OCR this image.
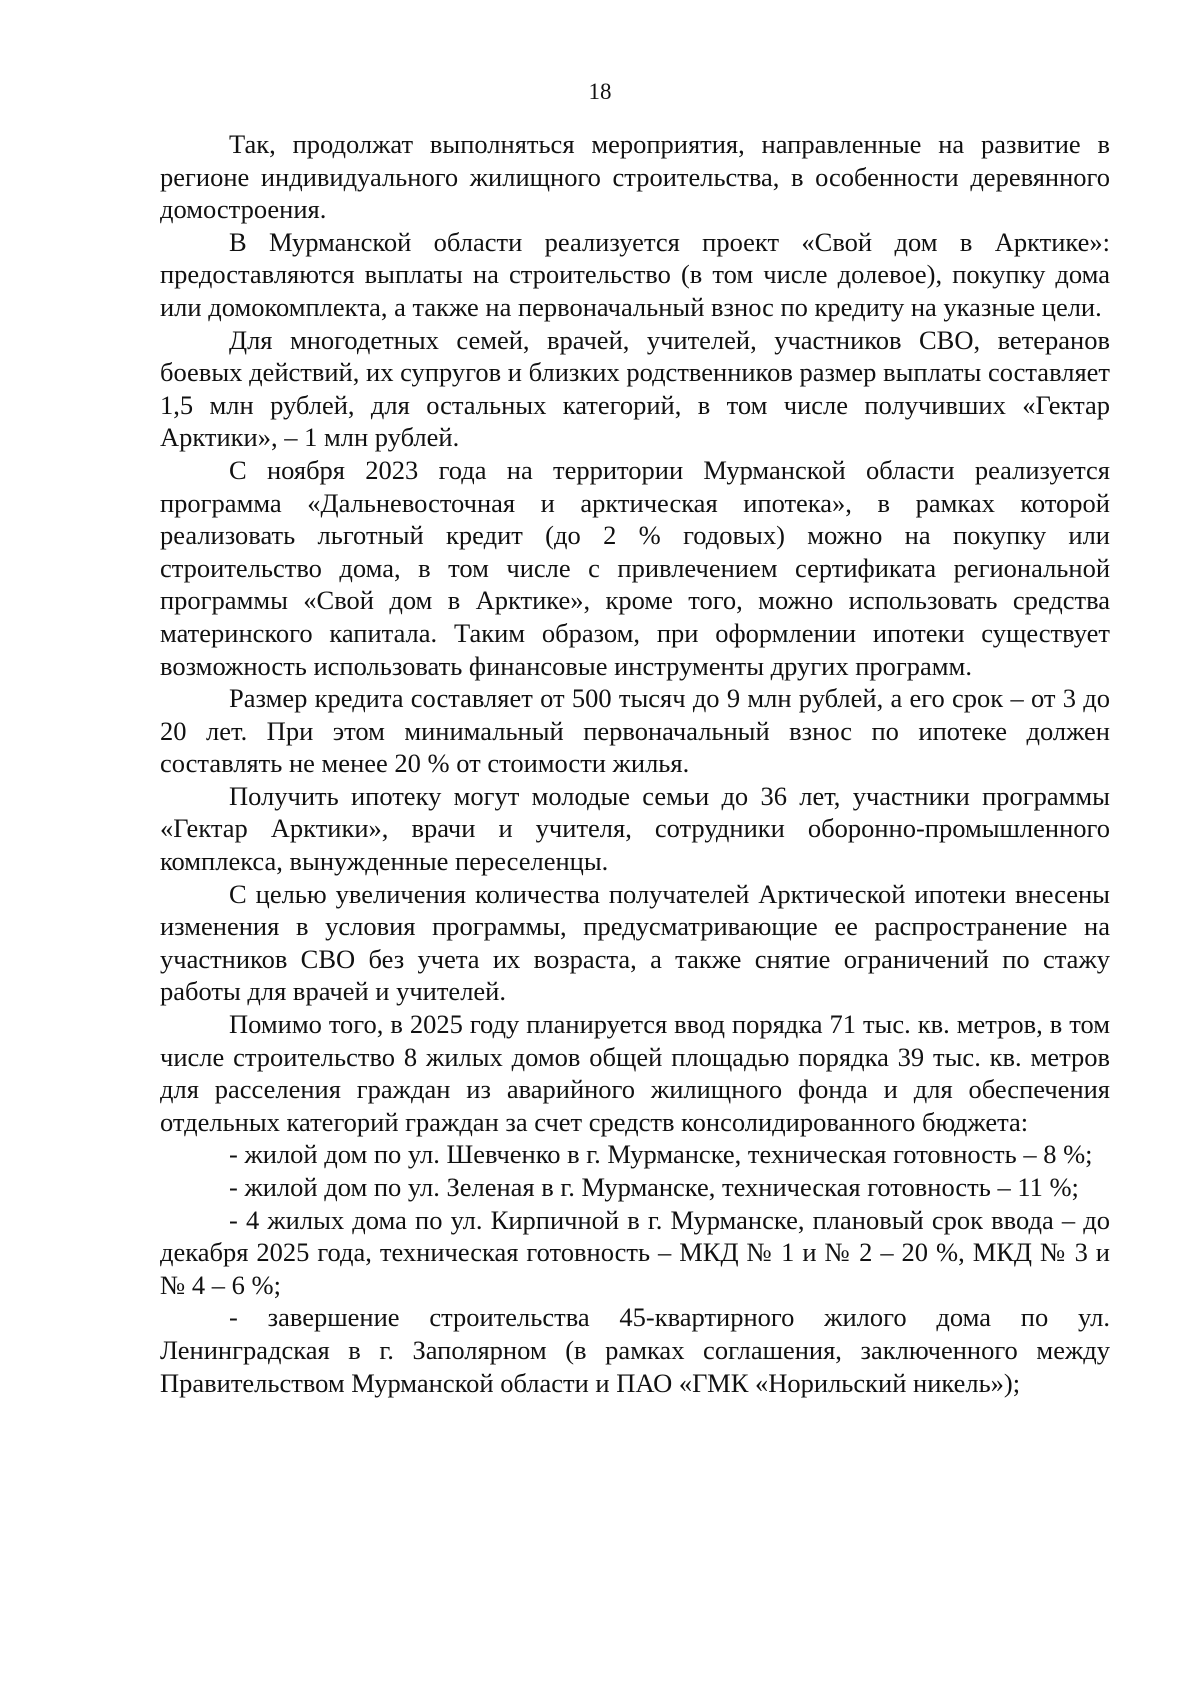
18

Так, продолжат выполняться мероприятия, направленные на развитие в регионе индивидуального жилищного строительства, в особенности деревянного домостроения.

В Мурманской области реализуется проект «Свой дом в Арктике»: предоставляются выплаты на строительство (в том числе долевое), покупку дома или домокомплекта, а также на первоначальный взнос по кредиту на указные цели.

Для многодетных семей, врачей, учителей, участников СВО, ветеранов боевых действий, их супругов и близких родственников размер выплаты составляет 1,5 млн рублей, для остальных категорий, в том числе получивших «Гектар Арктики», – 1 млн рублей.

С ноября 2023 года на территории Мурманской области реализуется программа «Дальневосточная и арктическая ипотека», в рамках которой реализовать льготный кредит (до 2 % годовых) можно на покупку или строительство дома, в том числе с привлечением сертификата региональной программы «Свой дом в Арктике», кроме того, можно использовать средства материнского капитала. Таким образом, при оформлении ипотеки существует возможность использовать финансовые инструменты других программ.

Размер кредита составляет от 500 тысяч до 9 млн рублей, а его срок – от 3 до 20 лет. При этом минимальный первоначальный взнос по ипотеке должен составлять не менее 20 % от стоимости жилья.

Получить ипотеку могут молодые семьи до 36 лет, участники программы «Гектар Арктики», врачи и учителя, сотрудники оборонно-промышленного комплекса, вынужденные переселенцы.

С целью увеличения количества получателей Арктической ипотеки внесены изменения в условия программы, предусматривающие ее распространение на участников СВО без учета их возраста, а также снятие ограничений по стажу работы для врачей и учителей.

Помимо того, в 2025 году планируется ввод порядка 71 тыс. кв. метров, в том числе строительство 8 жилых домов общей площадью порядка 39 тыс. кв. метров для расселения граждан из аварийного жилищного фонда и для обеспечения отдельных категорий граждан за счет средств консолидированного бюджета:

- жилой дом по ул. Шевченко в г. Мурманске, техническая готовность – 8 %;

- жилой дом по ул. Зеленая в г. Мурманске, техническая готовность – 11 %;

- 4 жилых дома по ул. Кирпичной в г. Мурманске, плановый срок ввода – до декабря 2025 года, техническая готовность – МКД № 1 и № 2 – 20 %, МКД № 3 и № 4 – 6 %;

- завершение строительства 45-квартирного жилого дома по ул. Ленинградская в г. Заполярном (в рамках соглашения, заключенного между Правительством Мурманской области и ПАО «ГМК «Норильский никель»);
